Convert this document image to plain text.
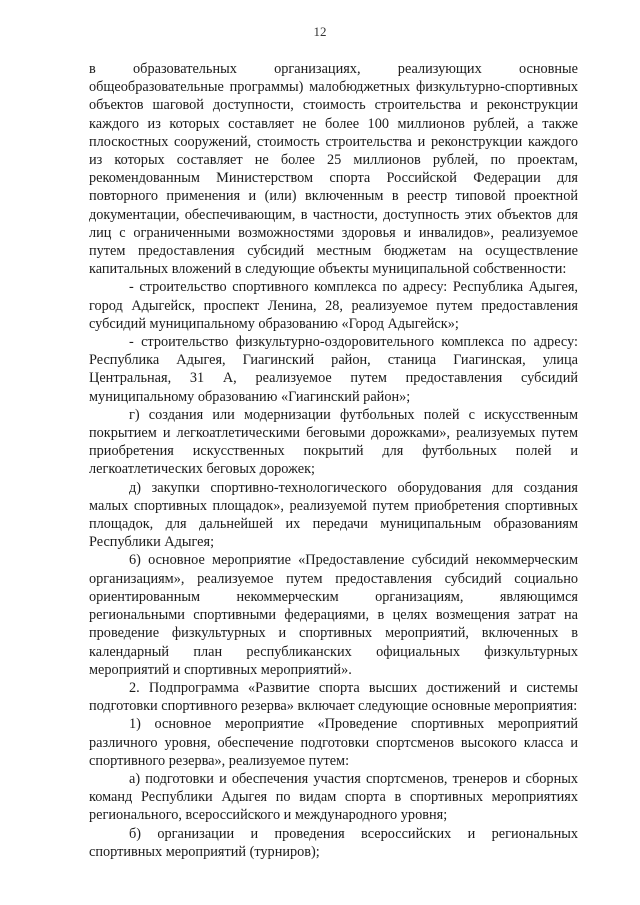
12

в образовательных организациях, реализующих основные общеобразовательные программы) малобюджетных физкультурно-спортивных объектов шаговой доступности, стоимость строительства и реконструкции каждого из которых составляет не более 100 миллионов рублей, а также плоскостных сооружений, стоимость строительства и реконструкции каждого из которых составляет не более 25 миллионов рублей, по проектам, рекомендованным Министерством спорта Российской Федерации для повторного применения и (или) включенным в реестр типовой проектной документации, обеспечивающим, в частности, доступность этих объектов для лиц с ограниченными возможностями здоровья и инвалидов», реализуемое путем предоставления субсидий местным бюджетам на осуществление капитальных вложений в следующие объекты муниципальной собственности:

- строительство спортивного комплекса по адресу: Республика Адыгея, город Адыгейск, проспект Ленина, 28, реализуемое путем предоставления субсидий муниципальному образованию «Город Адыгейск»;

- строительство физкультурно-оздоровительного комплекса по адресу: Республика Адыгея, Гиагинский район, станица Гиагинская, улица Центральная, 31 А, реализуемое путем предоставления субсидий муниципальному образованию «Гиагинский район»;

г) создания или модернизации футбольных полей с искусственным покрытием и легкоатлетическими беговыми дорожками», реализуемых путем приобретения искусственных покрытий для футбольных полей и легкоатлетических беговых дорожек;

д) закупки спортивно-технологического оборудования для создания малых спортивных площадок», реализуемой путем приобретения спортивных площадок, для дальнейшей их передачи муниципальным образованиям Республики Адыгея;

6) основное мероприятие «Предоставление субсидий некоммерческим организациям», реализуемое путем предоставления субсидий социально ориентированным некоммерческим организациям, являющимся региональными спортивными федерациями, в целях возмещения затрат на проведение физкультурных и спортивных мероприятий, включенных в календарный план республиканских официальных физкультурных мероприятий и спортивных мероприятий».

2. Подпрограмма «Развитие спорта высших достижений и системы подготовки спортивного резерва» включает следующие основные мероприятия:

1) основное мероприятие «Проведение спортивных мероприятий различного уровня, обеспечение подготовки спортсменов высокого класса и спортивного резерва», реализуемое путем:

а) подготовки и обеспечения участия спортсменов, тренеров и сборных команд Республики Адыгея по видам спорта в спортивных мероприятиях регионального, всероссийского и международного уровня;

б) организации и проведения всероссийских и региональных спортивных мероприятий (турниров);
